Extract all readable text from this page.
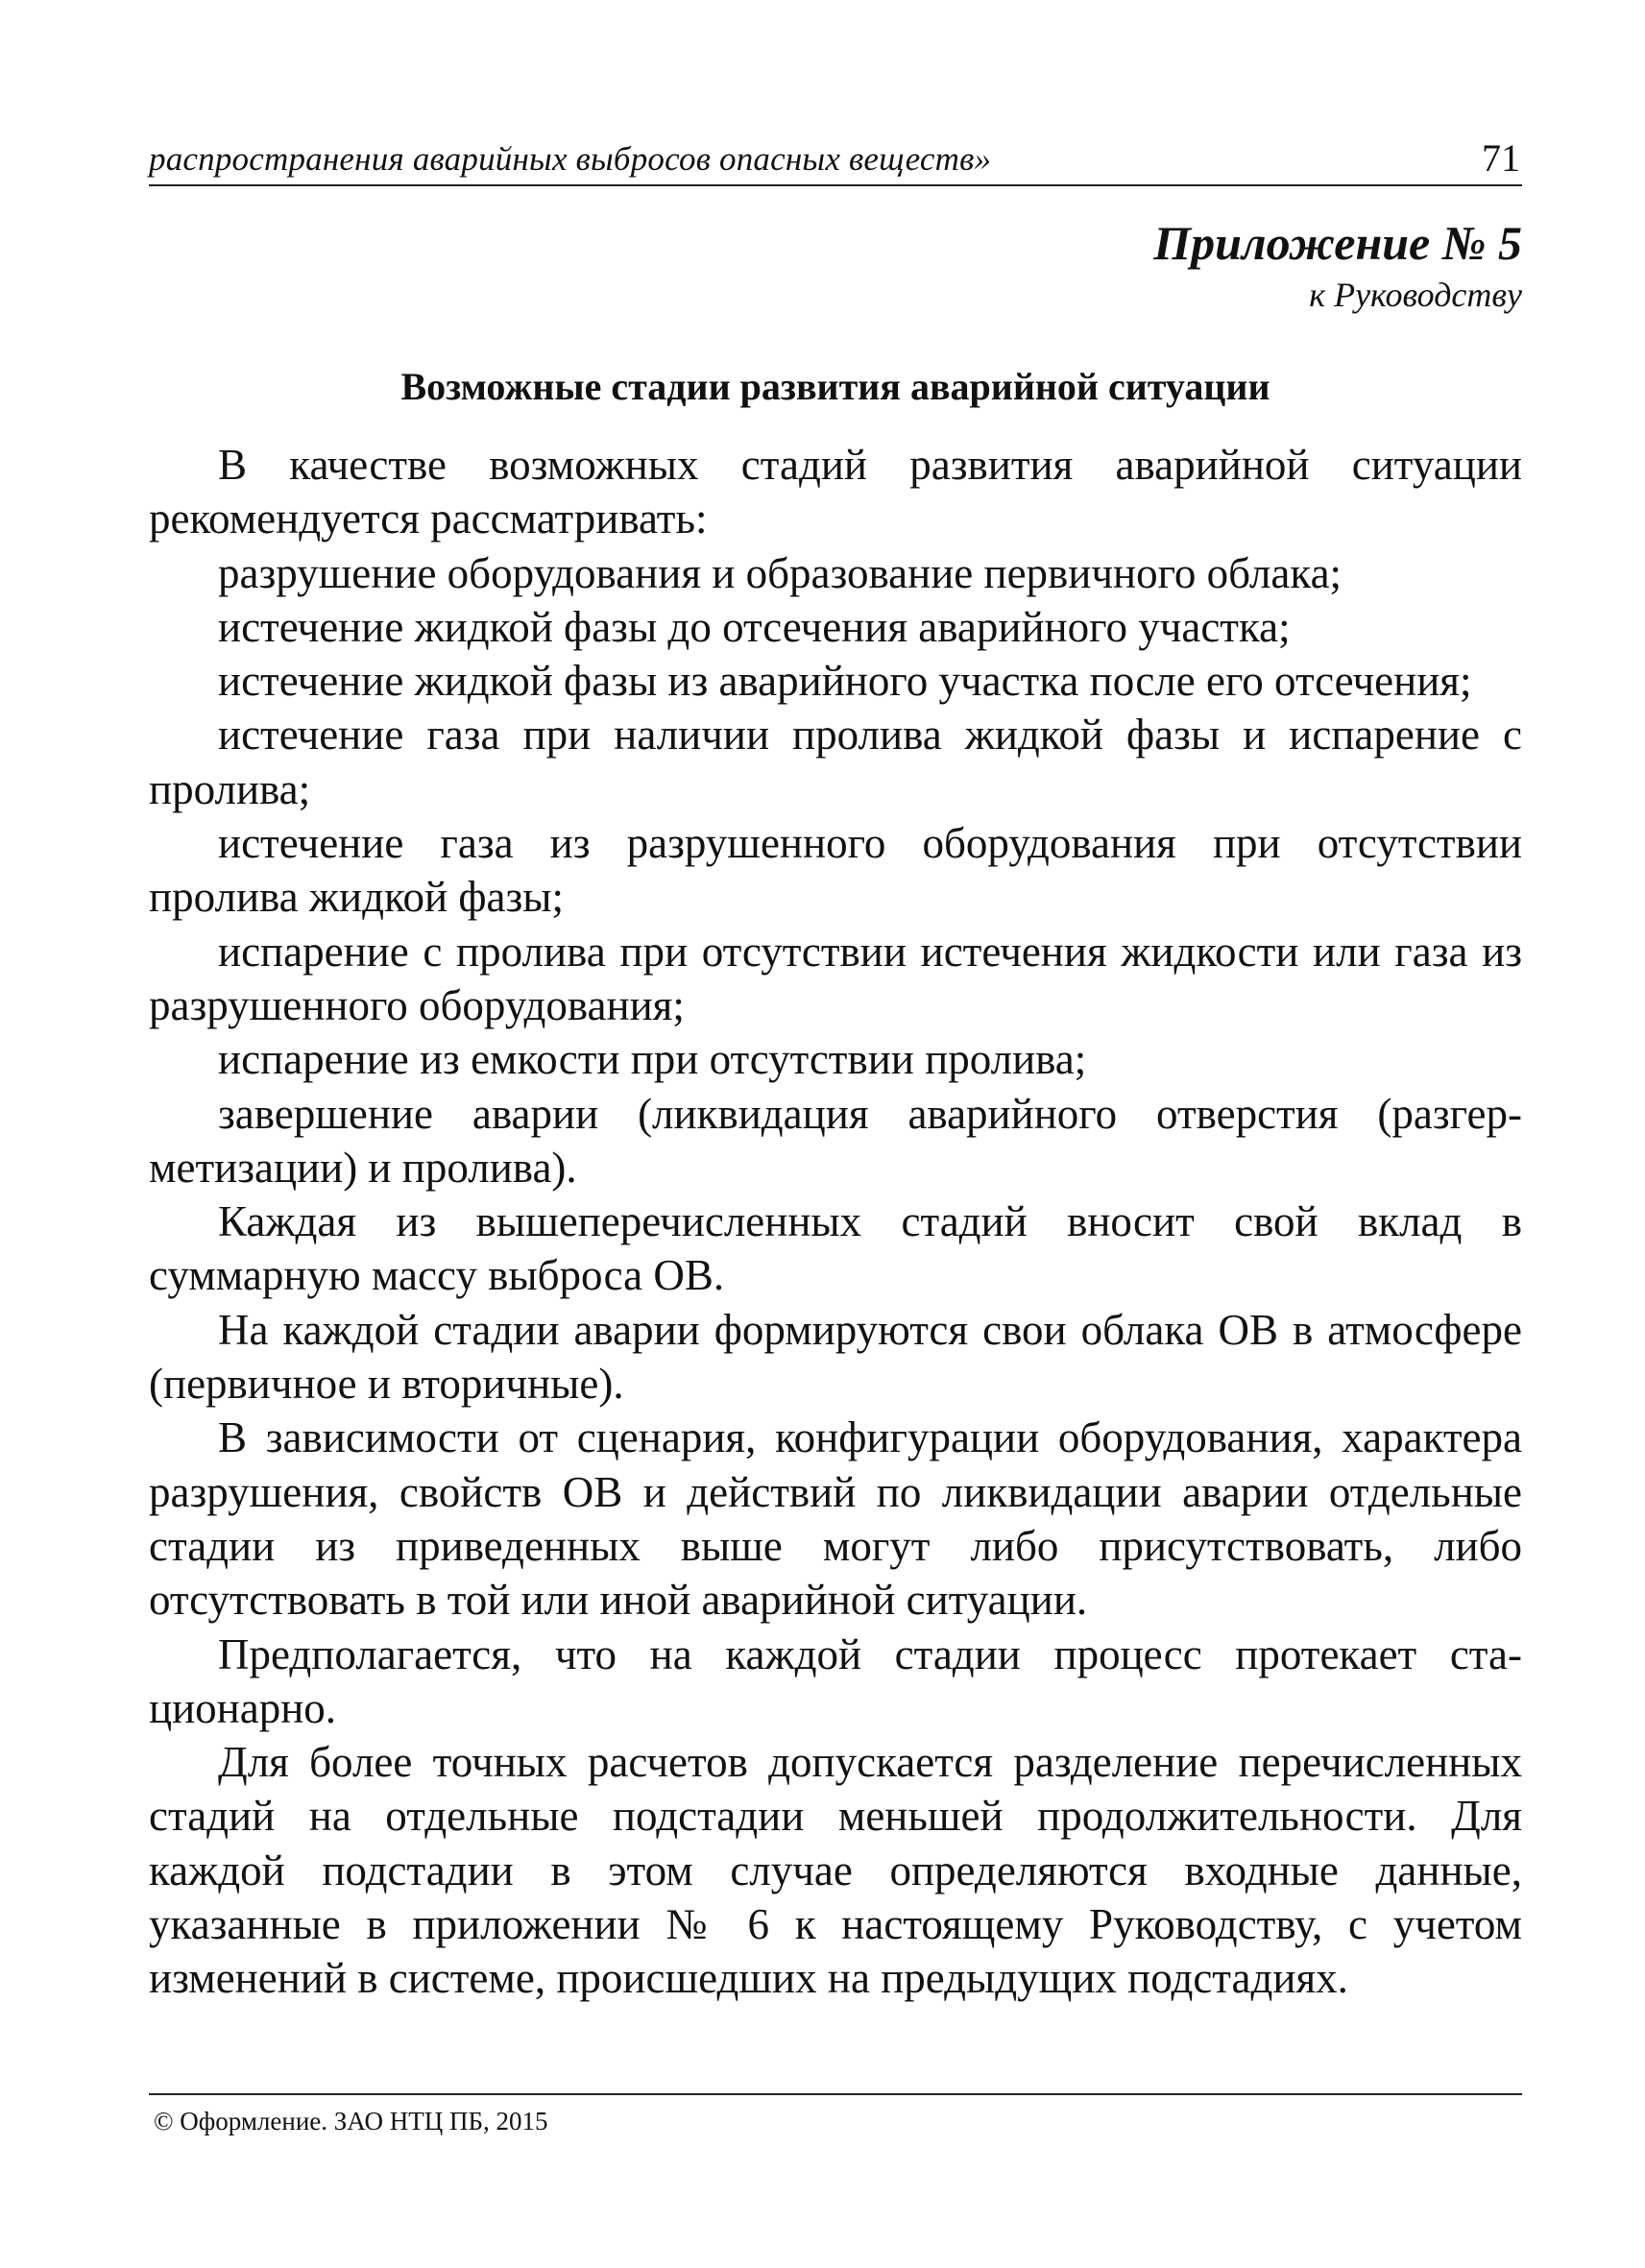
распространения аварийных выбросов опасных веществ»	71
Приложение № 5
к Руководству
Возможные стадии развития аварийной ситуации

В качестве возможных стадий развития аварийной ситуации рекомендуется рассматривать:

разрушение оборудования и образование первичного облака;

истечение жидкой фазы до отсечения аварийного участка;

истечение жидкой фазы из аварийного участка после его отсечения;

истечение газа при наличии пролива жидкой фазы и испарение с пролива;

истечение газа из разрушенного оборудования при отсутствии пролива жидкой фазы;

испарение с пролива при отсутствии истечения жидкости или газа из разрушенного оборудования;

испарение из емкости при отсутствии пролива;

завершение аварии (ликвидация аварийного отверстия (разгерметизации) и пролива).

Каждая из вышеперечисленных стадий вносит свой вклад в суммарную массу выброса ОВ.

На каждой стадии аварии формируются свои облака ОВ в атмосфере (первичное и вторичные).

В зависимости от сценария, конфигурации оборудования, характера разрушения, свойств ОВ и действий по ликвидации аварии отдельные стадии из приведенных выше могут либо присутствовать, либо отсутствовать в той или иной аварийной ситуации.

Предполагается, что на каждой стадии процесс протекает стационарно.

Для более точных расчетов допускается разделение перечисленных стадий на отдельные подстадии меньшей продолжительности. Для каждой подстадии в этом случае определяются входные данные, указанные в приложении № 6 к настоящему Руководству, с учетом изменений в системе, происшедших на предыдущих подстадиях.

© Оформление. ЗАО НТЦ ПБ, 2015
